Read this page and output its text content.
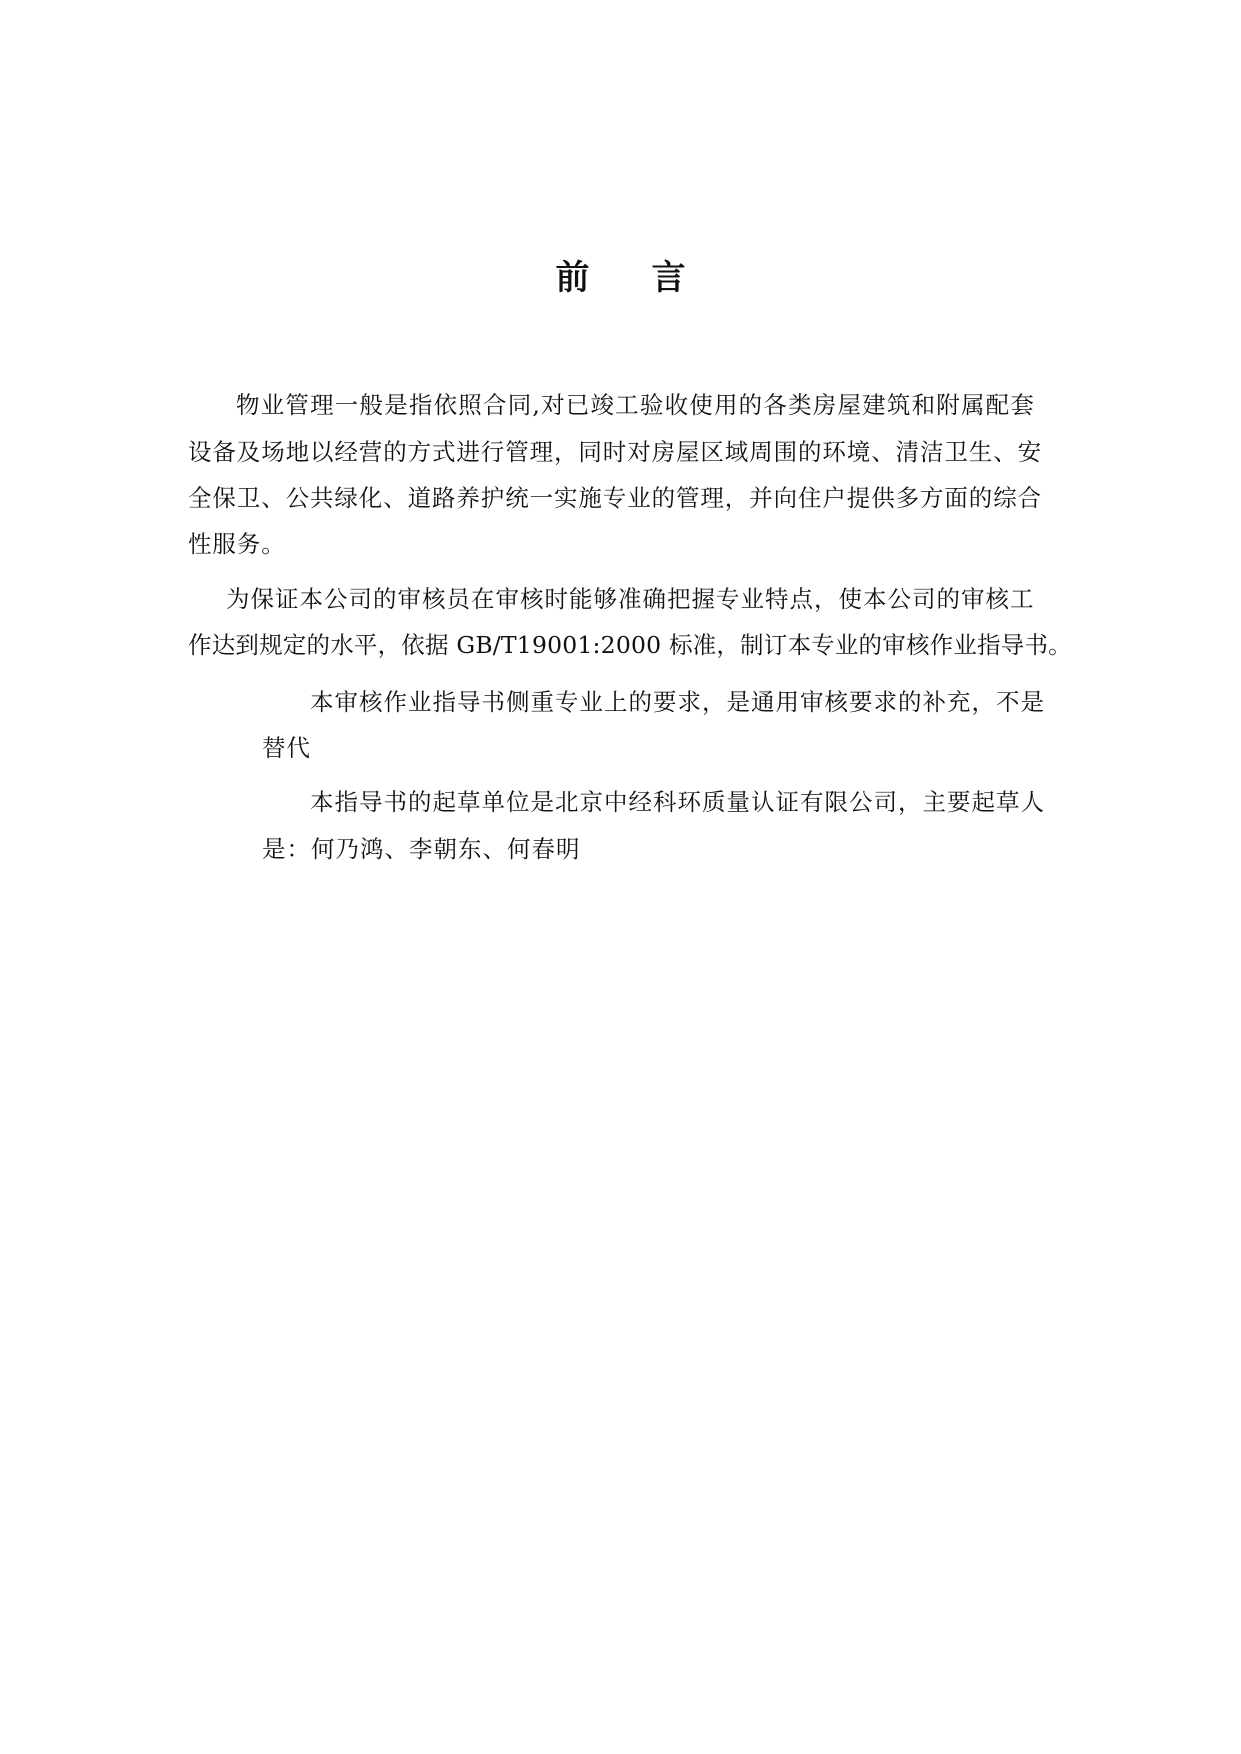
前 言
物业管理一般是指依照合同,对已竣工验收使用的各类房屋建筑和附属配套
设备及场地以经营的方式进行管理，同时对房屋区域周围的环境、清洁卫生、安
全保卫、公共绿化、道路养护统一实施专业的管理，并向住户提供多方面的综合
性服务。
为保证本公司的审核员在审核时能够准确把握专业特点，使本公司的审核工
作达到规定的水平，依据 GB/T19001:2000 标准，制订本专业的审核作业指导书。
本审核作业指导书侧重专业上的要求，是通用审核要求的补充，不是
替代
本指导书的起草单位是北京中经科环质量认证有限公司，主要起草人
是：何乃鸿、李朝东、何春明
